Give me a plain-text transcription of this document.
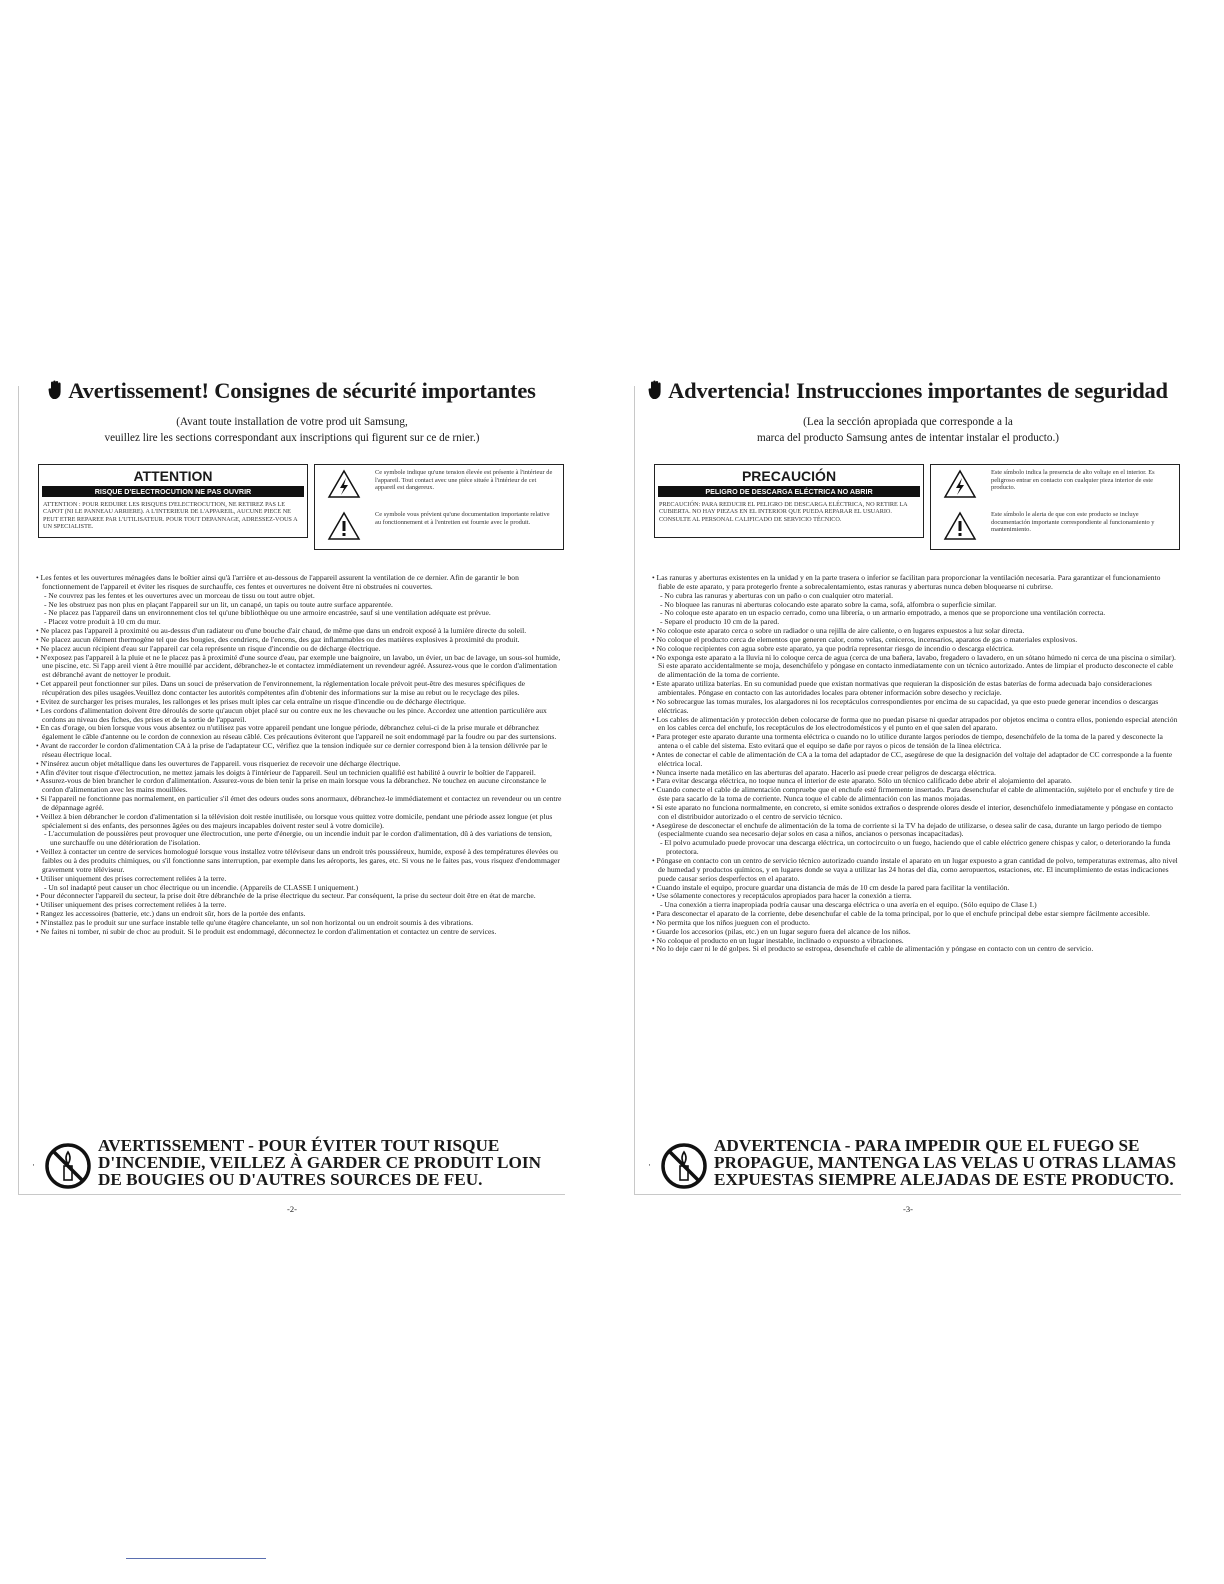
Avertissement! Consignes de sécurité importantes
(Avant toute installation de votre prod uit Samsung,
veuillez lire les sections correspondant aux inscriptions qui figurent sur ce de rnier.)
ATTENTION
RISQUE D'ELECTROCUTION NE PAS OUVRIR
ATTENTION : POUR REDUIRE LES RISQUES D'ELECTROCUTION, NE RETIREZ PAS LE CAPOT (NI LE PANNEAU ARRIERE). A L'INTERIEUR DE L'APPAREIL, AUCUNE PIECE NE PEUT ETRE REPAREE PAR L'UTILISATEUR. POUR TOUT DEPANNAGE, ADRESSEZ-VOUS A UN SPECIALISTE.
Ce symbole indique qu'une tension élevée est présente à l'intérieur de l'appareil. Tout contact avec une pièce située à l'intérieur de cet appareil est dangereux.
Ce symbole vous prévient qu'une documentation importante relative au fonctionnement et à l'entretien est fournie avec le produit.

• Les fentes et les ouvertures ménagées dans le boîtier ainsi qu'à l'arrière et au-dessous de l'appareil assurent la ventilation de ce dernier. Afin de garantir le bon fonctionnement de l'appareil et éviter les risques de surchauffe, ces fentes et ouvertures ne doivent être ni obstruées ni couvertes.

- Ne couvrez pas les fentes et les ouvertures avec un morceau de tissu ou tout autre objet.

- Ne les obstruez pas non plus en plaçant l'appareil sur un lit, un canapé, un tapis ou toute autre surface apparentée.

- Ne placez pas l'appareil dans un environnement clos tel qu'une bibliothèque ou une armoire encastrée, sauf si une ventilation adéquate est prévue.

- Placez votre produit à 10 cm du mur.

• Ne placez pas l'appareil à proximité ou au-dessus d'un radiateur ou d'une bouche d'air chaud, de même que dans un endroit exposé à la lumière directe du soleil.

• Ne placez aucun élément thermogène tel que des bougies, des cendriers, de l'encens, des gaz inflammables ou des matières explosives à proximité du produit.

• Ne placez aucun récipient d'eau sur l'appareil car cela représente un risque d'incendie ou de décharge électrique.

• N'exposez pas l'appareil à la pluie et ne le placez pas à proximité d'une source d'eau, par exemple une baignoire, un lavabo, un évier, un bac de lavage, un sous-sol humide, une piscine, etc. Si l'app areil vient à être mouillé par accident, débranchez-le et contactez immédiatement un revendeur agréé. Assurez-vous que le cordon d'alimentation est débranché avant de nettoyer le produit.

• Cet appareil peut fonctionner sur piles. Dans un souci de préservation de l'environnement, la réglementation locale prévoit peut-être des mesures spécifiques de récupération des piles usagées.Veuillez donc contacter les autorités compétentes afin d'obtenir des informations sur la mise au rebut ou le recyclage des piles.

• Evitez de surcharger les prises murales, les rallonges et les prises mult iples car cela entraîne un risque d'incendie ou de décharge électrique.

• Les cordons d'alimentation doivent être déroulés de sorte qu'aucun objet placé sur ou contre eux ne les chevauche ou les pince. Accordez une attention particulière aux cordons au niveau des fiches, des prises et de la sortie de l'appareil.

• En cas d'orage, ou bien lorsque vous vous absentez ou n'utilisez pas votre appareil pendant une longue période, débranchez celui-ci de la prise murale et débranchez également le câble d'antenne ou le cordon de connexion au réseau câblé. Ces précautions éviteront que l'appareil ne soit endommagé par la foudre ou par des surtensions.

• Avant de raccorder le cordon d'alimentation CA à la prise de l'adaptateur CC, vérifiez que la tension indiquée sur ce dernier correspond bien à la tension délivrée par le réseau électrique local.

• N'insérez aucun objet métallique dans les ouvertures de l'appareil. vous risqueriez de recevoir une décharge électrique.

• Afin d'éviter tout risque d'électrocution, ne mettez jamais les doigts à l'intérieur de l'appareil. Seul un technicien qualifié est habilité à ouvrir le boîtier de l'appareil.

• Assurez-vous de bien brancher le cordon d'alimentation. Assurez-vous de bien tenir la prise en main lorsque vous la débranchez. Ne touchez en aucune circonstance le cordon d'alimentation avec les mains mouillées.

• Si l'appareil ne fonctionne pas normalement, en particulier s'il émet des odeurs oudes sons anormaux, débranchez-le immédiatement et contactez un revendeur ou un centre de dépannage agréé.

• Veillez à bien débrancher le cordon d'alimentation si la télévision doit restée inutilisée, ou lorsque vous quittez votre domicile, pendant une période assez longue (et plus spécialement si des enfants, des personnes âgées ou des majeurs incapables doivent rester seul à votre domicile).

- L'accumulation de poussières peut provoquer une électrocution, une perte d'énergie, ou un incendie induit par le cordon d'alimentation, dû à des variations de tension, une surchauffe ou une détérioration de l'isolation.

• Veillez à contacter un centre de services homologué lorsque vous installez votre téléviseur dans un endroit très poussiéreux, humide, exposé à des températures élevées ou faibles ou à des produits chimiques, ou s'il fonctionne sans interruption, par exemple dans les aéroports, les gares, etc. Si vous ne le faites pas, vous risquez d'endommager gravement votre téléviseur.

• Utiliser uniquement des prises correctement reliées à la terre.

- Un sol inadapté peut causer un choc électrique ou un incendie. (Appareils de CLASSE I uniquement.)

• Pour déconnecter l'appareil du secteur, la prise doit être débranchée de la prise électrique du secteur. Par conséquent, la prise du secteur doit être en état de marche.

• Utiliser uniquement des prises correctement reliées à la terre.

• Rangez les accessoires (batterie, etc.) dans un endroit sûr, hors de la portée des enfants.

• N'installez pas le produit sur une surface instable telle qu'une étagère chancelante, un sol non horizontal ou un endroit soumis à des vibrations.

• Ne faites ni tomber, ni subir de choc au produit. Si le produit est endommagé, déconnectez le cordon d'alimentation et contactez un centre de services.

·
AVERTISSEMENT - POUR ÉVITER TOUT RISQUE
D'INCENDIE, VEILLEZ À GARDER CE PRODUIT LOIN
DE BOUGIES OU D'AUTRES SOURCES DE FEU.
-2-
Advertencia! Instrucciones importantes de seguridad
(Lea la sección apropiada que corresponde a la
marca del producto Samsung antes de intentar instalar el producto.)
PRECAUCIÓN
PELIGRO DE DESCARGA ELÉCTRICA NO ABRIR
PRECAUCIÓN: PARA REDUCIR EL PELIGRO DE DESCARGA ELÉCTRICA, NO RETIRE LA CUBIERTA. NO HAY PIEZAS EN EL INTERIOR QUE PUEDA REPARAR EL USUARIO. CONSULTE AL PERSONAL CALIFICADO DE SERVICIO TÉCNICO.
Este símbolo indica la presencia de alto voltaje en el interior. Es peligroso entrar en contacto con cualquier pieza interior de este producto.
Este símbolo le alerta de que con este producto se incluye documentación importante correspondiente al funcionamiento y mantenimiento.

• Las ranuras y aberturas existentes en la unidad y en la parte trasera o inferior se facilitan para proporcionar la ventilación necesaria. Para garantizar el funcionamiento fiable de este aparato, y para protegerlo frente a sobrecalentamiento, estas ranuras y aberturas nunca deben bloquearse ni cubrirse.

- No cubra las ranuras y aberturas con un paño o con cualquier otro material.

- No bloquee las ranuras ni aberturas colocando este aparato sobre la cama, sofá, alfombra o superficie similar.

- No coloque este aparato en un espacio cerrado, como una librería, o un armario empotrado, a menos que se proporcione una ventilación correcta.

- Separe el producto 10 cm de la pared.

• No coloque este aparato cerca o sobre un radiador o una rejilla de aire caliente, o en lugares expuestos a luz solar directa.

• No coloque el producto cerca de elementos que generen calor, como velas, ceniceros, incensarios, aparatos de gas o materiales explosivos.

• No coloque recipientes con agua sobre este aparato, ya que podría representar riesgo de incendio o descarga eléctrica.

• No exponga este aparato a la lluvia ni lo coloque cerca de agua (cerca de una bañera, lavabo, fregadero o lavadero, en un sótano húmedo ni cerca de una piscina o similar). Si este aparato accidentalmente se moja, desenchúfelo y póngase en contacto inmediatamente con un técnico autorizado. Antes de limpiar el producto desconecte el cable de alimentación de la toma de corriente.

• Este aparato utiliza baterías. En su comunidad puede que existan normativas que requieran la disposición de estas baterías de forma adecuada bajo consideraciones ambientales. Póngase en contacto con las autoridades locales para obtener información sobre desecho y reciclaje.

• No sobrecargue las tomas murales, los alargadores ni los receptáculos correspondientes por encima de su capacidad, ya que esto puede generar incendios o descargas eléctricas.

• Los cables de alimentación y protección deben colocarse de forma que no puedan pisarse ni quedar atrapados por objetos encima o contra ellos, poniendo especial atención en los cables cerca del enchufe, los receptáculos de los electrodomésticos y el punto en el que salen del aparato.

• Para proteger este aparato durante una tormenta eléctrica o cuando no lo utilice durante largos periodos de tiempo, desenchúfelo de la toma de la pared y desconecte la antena o el cable del sistema. Esto evitará que el equipo se dañe por rayos o picos de tensión de la línea eléctrica.

• Antes de conectar el cable de alimentación de CA a la toma del adaptador de CC, asegúrese de que la designación del voltaje del adaptador de CC corresponde a la fuente eléctrica local.

• Nunca inserte nada metálico en las aberturas del aparato. Hacerlo así puede crear peligros de descarga eléctrica.

• Para evitar descarga eléctrica, no toque nunca el interior de este aparato. Sólo un técnico calificado debe abrir el alojamiento del aparato.

• Cuando conecte el cable de alimentación compruebe que el enchufe esté firmemente insertado. Para desenchufar el cable de alimentación, sujételo por el enchufe y tire de éste para sacarlo de la toma de corriente. Nunca toque el cable de alimentación con las manos mojadas.

• Si este aparato no funciona normalmente, en concreto, si emite sonidos extraños o desprende olores desde el interior, desenchúfelo inmediatamente y póngase en contacto con el distribuidor autorizado o el centro de servicio técnico.

• Asegúrese de desconectar el enchufe de alimentación de la toma de corriente si la TV ha dejado de utilizarse, o desea salir de casa, durante un largo periodo de tiempo (especialmente cuando sea necesario dejar solos en casa a niños, ancianos o personas incapacitadas).

- El polvo acumulado puede provocar una descarga eléctrica, un cortocircuito o un fuego, haciendo que el cable eléctrico genere chispas y calor, o deteriorando la funda protectora.

• Póngase en contacto con un centro de servicio técnico autorizado cuando instale el aparato en un lugar expuesto a gran cantidad de polvo, temperaturas extremas, alto nivel de humedad y productos químicos, y en lugares donde se vaya a utilizar las 24 horas del día, como aeropuertos, estaciones, etc. El incumplimiento de estas indicaciones puede causar serios desperfectos en el aparato.

• Cuando instale el equipo, procure guardar una distancia de más de 10 cm desde la pared para facilitar la ventilación.

• Use sólamente conectores y receptáculos apropiados para hacer la conexión a tierra.

- Una conexión a tierra inapropiada podría causar una descarga eléctrica o una avería en el equipo. (Sólo equipo de Clase I.)

• Para desconectar el aparato de la corriente, debe desenchufar el cable de la toma principal, por lo que el enchufe principal debe estar siempre fácilmente accesible.

• No permita que los niños jueguen con el producto.

• Guarde los accesorios (pilas, etc.) en un lugar seguro fuera del alcance de los niños.

• No coloque el producto en un lugar inestable, inclinado o expuesto a vibraciones.

• No lo deje caer ni le dé golpes. Si el producto se estropea, desenchufe el cable de alimentación y póngase en contacto con un centro de servicio.

·
ADVERTENCIA - PARA IMPEDIR QUE EL FUEGO SE
PROPAGUE, MANTENGA LAS VELAS U OTRAS LLAMAS
EXPUESTAS SIEMPRE ALEJADAS DE ESTE PRODUCTO.
-3-
